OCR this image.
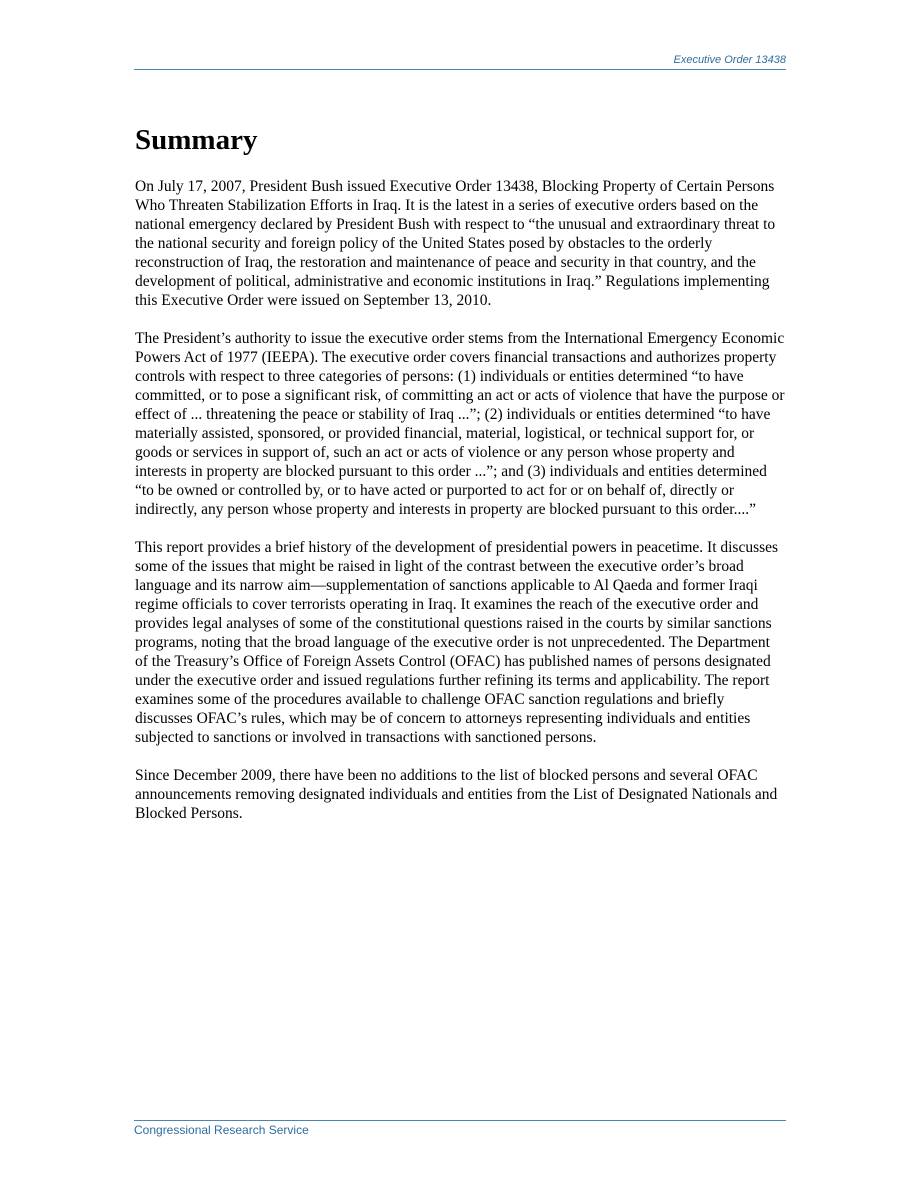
Executive Order 13438
Summary

On July 17, 2007, President Bush issued Executive Order 13438, Blocking Property of Certain Persons Who Threaten Stabilization Efforts in Iraq. It is the latest in a series of executive orders based on the national emergency declared by President Bush with respect to “the unusual and extraordinary threat to the national security and foreign policy of the United States posed by obstacles to the orderly reconstruction of Iraq, the restoration and maintenance of peace and security in that country, and the development of political, administrative and economic institutions in Iraq.” Regulations implementing this Executive Order were issued on September 13, 2010.

The President’s authority to issue the executive order stems from the International Emergency Economic Powers Act of 1977 (IEEPA). The executive order covers financial transactions and authorizes property controls with respect to three categories of persons: (1) individuals or entities determined “to have committed, or to pose a significant risk, of committing an act or acts of violence that have the purpose or effect of ... threatening the peace or stability of Iraq ...”; (2) individuals or entities determined “to have materially assisted, sponsored, or provided financial, material, logistical, or technical support for, or goods or services in support of, such an act or acts of violence or any person whose property and interests in property are blocked pursuant to this order ...”; and (3) individuals and entities determined “to be owned or controlled by, or to have acted or purported to act for or on behalf of, directly or indirectly, any person whose property and interests in property are blocked pursuant to this order....”

This report provides a brief history of the development of presidential powers in peacetime. It discusses some of the issues that might be raised in light of the contrast between the executive order’s broad language and its narrow aim—supplementation of sanctions applicable to Al Qaeda and former Iraqi regime officials to cover terrorists operating in Iraq. It examines the reach of the executive order and provides legal analyses of some of the constitutional questions raised in the courts by similar sanctions programs, noting that the broad language of the executive order is not unprecedented. The Department of the Treasury’s Office of Foreign Assets Control (OFAC) has published names of persons designated under the executive order and issued regulations further refining its terms and applicability. The report examines some of the procedures available to challenge OFAC sanction regulations and briefly discusses OFAC’s rules, which may be of concern to attorneys representing individuals and entities subjected to sanctions or involved in transactions with sanctioned persons.

Since December 2009, there have been no additions to the list of blocked persons and several OFAC announcements removing designated individuals and entities from the List of Designated Nationals and Blocked Persons.

Congressional Research Service
